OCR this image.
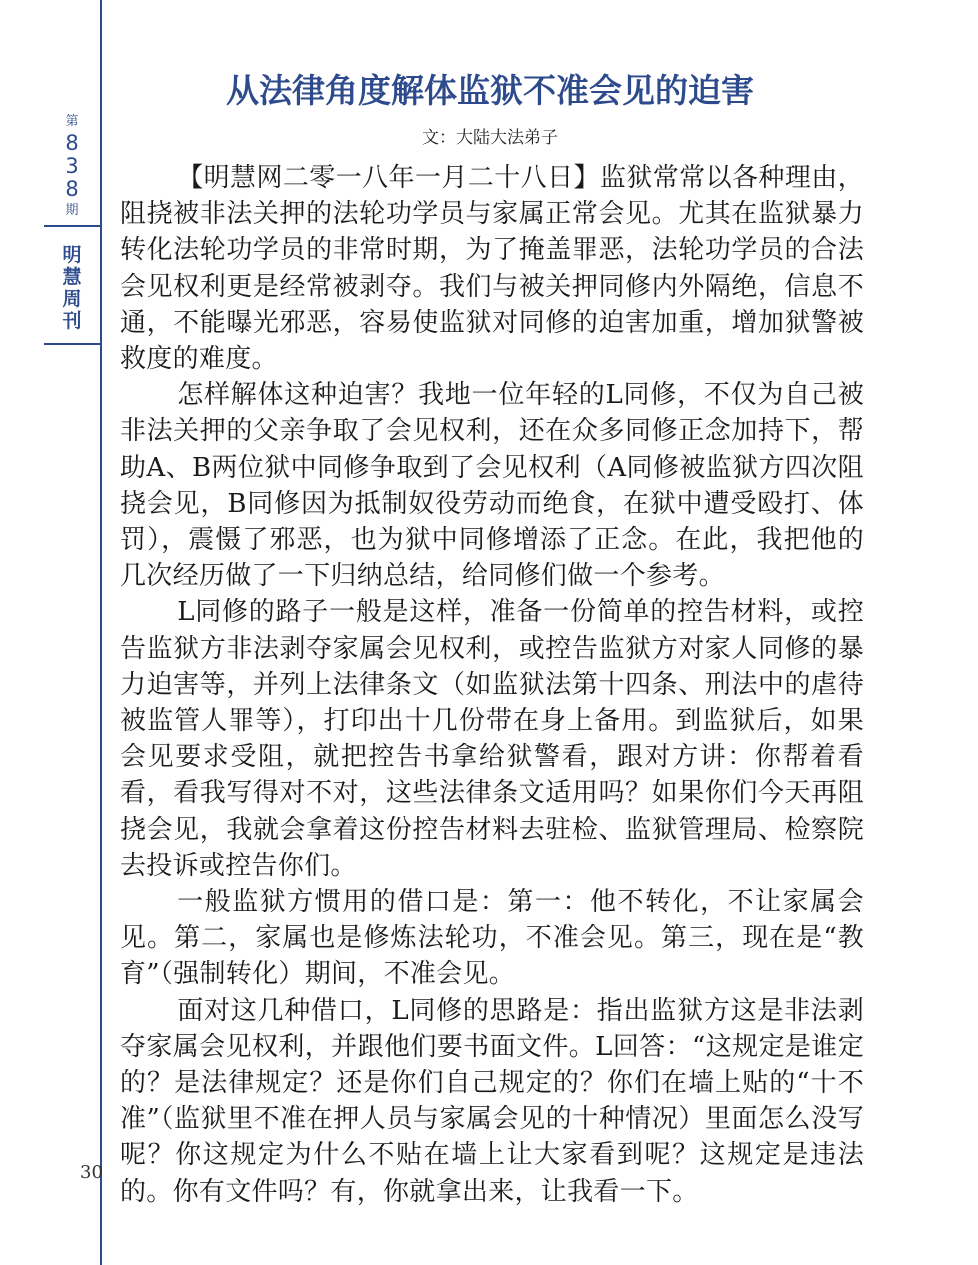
第
8
3
8
期
明
慧
周
刊
30
从法律角度解体监狱不准会见的迫害
文：大陆大法弟子

【明慧网二零一八年一月二十八日】监狱常常以各种理由，阻挠被非法关押的法轮功学员与家属正常会见。尤其在监狱暴力转化法轮功学员的非常时期，为了掩盖罪恶，法轮功学员的合法会见权利更是经常被剥夺。我们与被关押同修内外隔绝，信息不通，不能曝光邪恶，容易使监狱对同修的迫害加重，增加狱警被救度的难度。

怎样解体这种迫害？我地一位年轻的L同修，不仅为自己被非法关押的父亲争取了会见权利，还在众多同修正念加持下，帮助A、B两位狱中同修争取到了会见权利（A同修被监狱方四次阻挠会见，B同修因为抵制奴役劳动而绝食，在狱中遭受殴打、体罚），震慑了邪恶，也为狱中同修增添了正念。在此，我把他的几次经历做了一下归纳总结，给同修们做一个参考。

L同修的路子一般是这样，准备一份简单的控告材料，或控告监狱方非法剥夺家属会见权利，或控告监狱方对家人同修的暴力迫害等，并列上法律条文（如监狱法第十四条、刑法中的虐待被监管人罪等），打印出十几份带在身上备用。到监狱后，如果会见要求受阻，就把控告书拿给狱警看，跟对方讲：你帮着看看，看我写得对不对，这些法律条文适用吗？如果你们今天再阻挠会见，我就会拿着这份控告材料去驻检、监狱管理局、检察院去投诉或控告你们。

一般监狱方惯用的借口是：第一：他不转化，不让家属会见。第二，家属也是修炼法轮功，不准会见。第三，现在是“教育”（强制转化）期间，不准会见。

面对这几种借口，L同修的思路是：指出监狱方这是非法剥夺家属会见权利，并跟他们要书面文件。L回答：“这规定是谁定的？是法律规定？还是你们自己规定的？你们在墙上贴的“十不准”（监狱里不准在押人员与家属会见的十种情况）里面怎么没写呢？你这规定为什么不贴在墙上让大家看到呢？这规定是违法的。你有文件吗？有，你就拿出来，让我看一下。
